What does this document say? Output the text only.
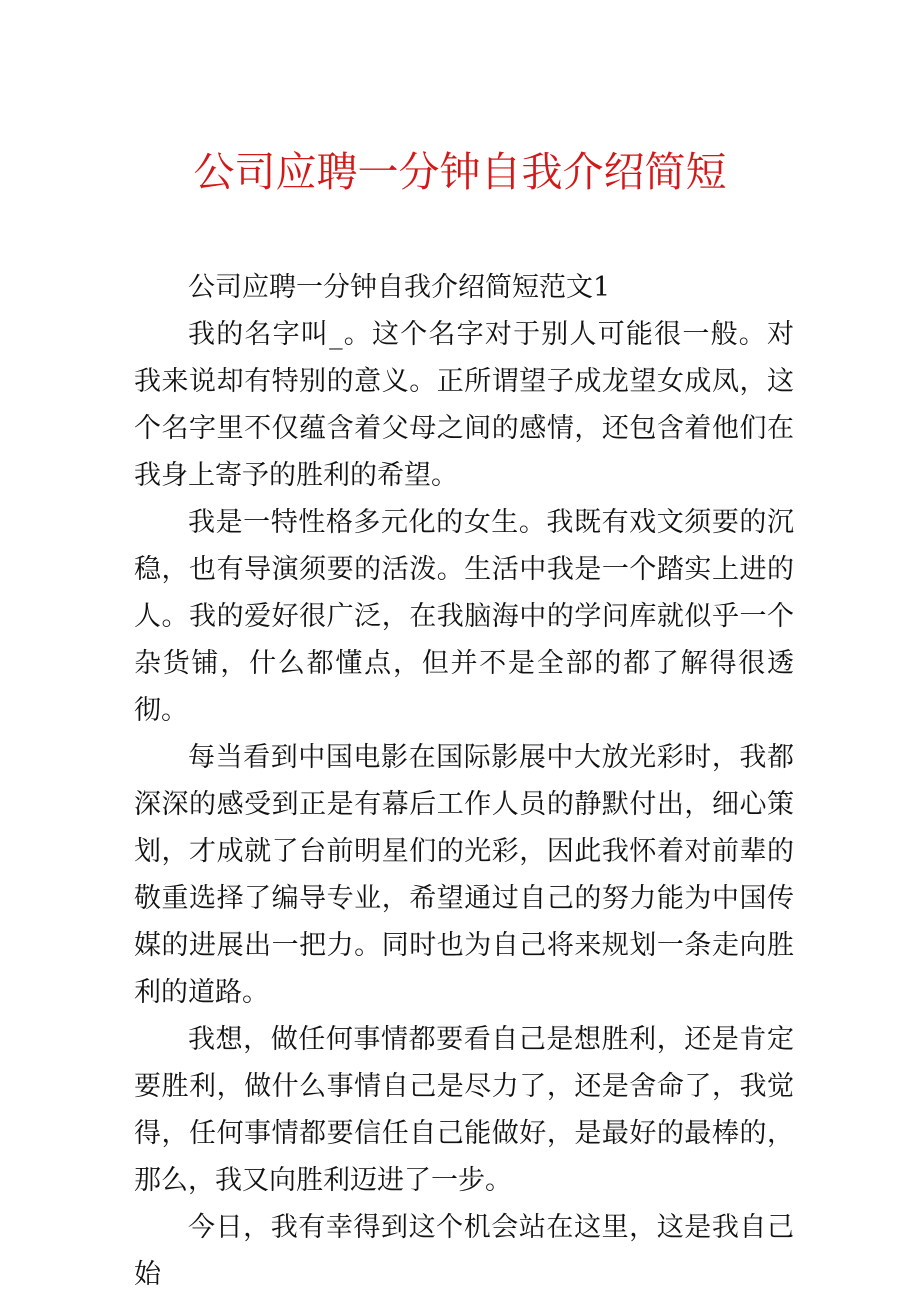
公司应聘一分钟自我介绍简短

公司应聘一分钟自我介绍简短范文1

我的名字叫_。这个名字对于别人可能很一般。对我来说却有特别的意义。正所谓望子成龙望女成凤，这个名字里不仅蕴含着父母之间的感情，还包含着他们在我身上寄予的胜利的希望。

我是一特性格多元化的女生。我既有戏文须要的沉稳，也有导演须要的活泼。生活中我是一个踏实上进的人。我的爱好很广泛，在我脑海中的学问库就似乎一个杂货铺，什么都懂点，但并不是全部的都了解得很透彻。

每当看到中国电影在国际影展中大放光彩时，我都深深的感受到正是有幕后工作人员的静默付出，细心策划，才成就了台前明星们的光彩，因此我怀着对前辈的敬重选择了编导专业，希望通过自己的努力能为中国传媒的进展出一把力。同时也为自己将来规划一条走向胜利的道路。

我想，做任何事情都要看自己是想胜利，还是肯定要胜利，做什么事情自己是尽力了，还是舍命了，我觉得，任何事情都要信任自己能做好，是最好的最棒的，那么，我又向胜利迈进了一步。

今日，我有幸得到这个机会站在这里，这是我自己始
